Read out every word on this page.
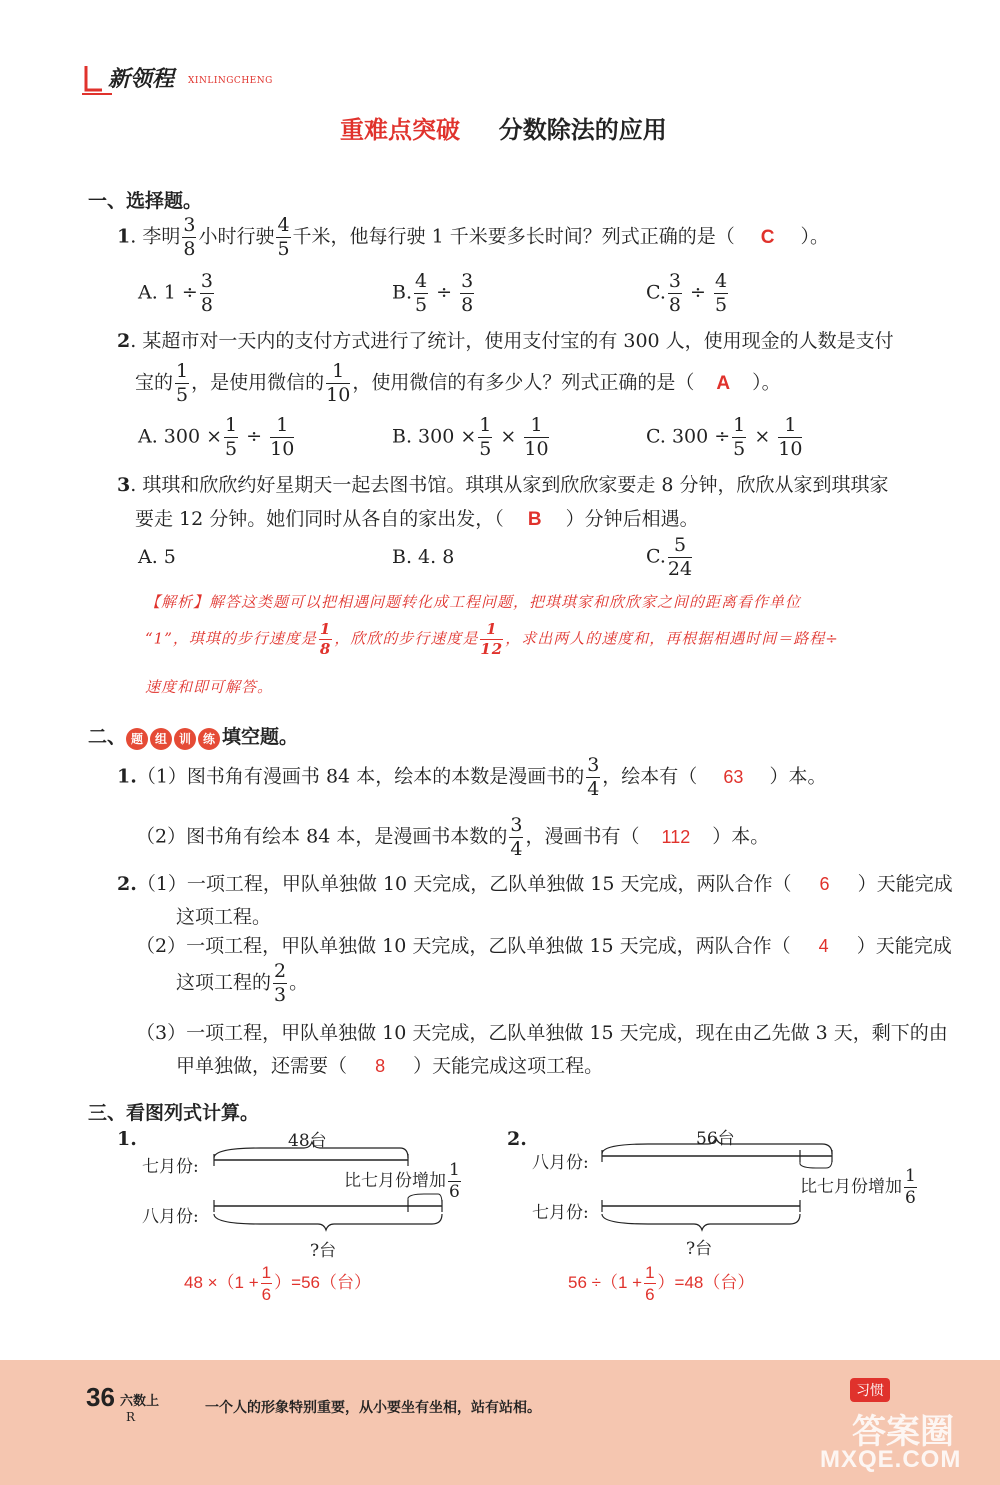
新领程 XINLINGCHENG
重难点突破 分数除法的应用
一、选择题。
1. 李明 $\frac{3}{8}$ 小时行驶 $\frac{4}{5}$ 千米，他每行驶 1 千米要多长时间？列式正确的是（ C ）。
A. $1 \div \frac{3}{8}$	B. $\frac{4}{5} \div \frac{3}{8}$	C. $\frac{3}{8} \div \frac{4}{5}$
2. 某超市对一天内的支付方式进行了统计，使用支付宝的有 300 人，使用现金的人数是支付
宝的 $\frac{1}{5}$ ，是使用微信的 $\frac{1}{10}$ ，使用微信的有多少人？列式正确的是（ A ）。
A. $300 \times \frac{1}{5} \div \frac{1}{10}$	B. $300 \times \frac{1}{5} \times \frac{1}{10}$	C. $300 \div \frac{1}{5} \times \frac{1}{10}$
3. 琪琪和欣欣约好星期天一起去图书馆。琪琪从家到欣欣家要走 8 分钟，欣欣从家到琪琪家
要走 12 分钟。她们同时从各自的家出发，（ B ）分钟后相遇。
A. 5	B. 4. 8	C. $\frac{5}{24}$
【解析】解答这类题可以把相遇问题转化成工程问题，把琪琪家和欣欣家之间的距离看作单位
“1”，琪琪的步行速度是 $\frac{1}{8}$ ，欣欣的步行速度是 $\frac{1}{12}$ ，求出两人的速度和，再根据相遇时间＝路程÷
速度和即可解答。
二、 题 组 训 练 填空题。
1.（1）图书角有漫画书 84 本，绘本的本数是漫画书的 $\frac{3}{4}$ ，绘本有（ 63 ）本。
（2）图书角有绘本 84 本，是漫画书本数的 $\frac{3}{4}$ ，漫画书有（ 112 ）本。
2.（1）一项工程，甲队单独做 10 天完成，乙队单独做 15 天完成，两队合作（ 6 ）天能完成
这项工程。
（2）一项工程，甲队单独做 10 天完成，乙队单独做 15 天完成，两队合作（ 4 ）天能完成
这项工程的 $\frac{2}{3}$ 。
（3）一项工程，甲队单独做 10 天完成，乙队单独做 15 天完成，现在由乙先做 3 天，剩下的由
甲单独做，还需要（ 8 ）天能完成这项工程。
三、看图列式计算。
1.	48台
七月份:
八月份:
比七月份增加 $\frac{1}{6}$
?台
$48 \times(1 + \frac{1}{6} )=56$（台）
2.	56台
八月份:
七月份:
比七月份增加 $\frac{1}{6}$
?台
$56 \div(1 + \frac{1}{6} )=48$（台）
36 六数上
R
一个人的形象特别重要，从小要坐有坐相，站有站相。
习惯
答案圈
MXQE.COM
